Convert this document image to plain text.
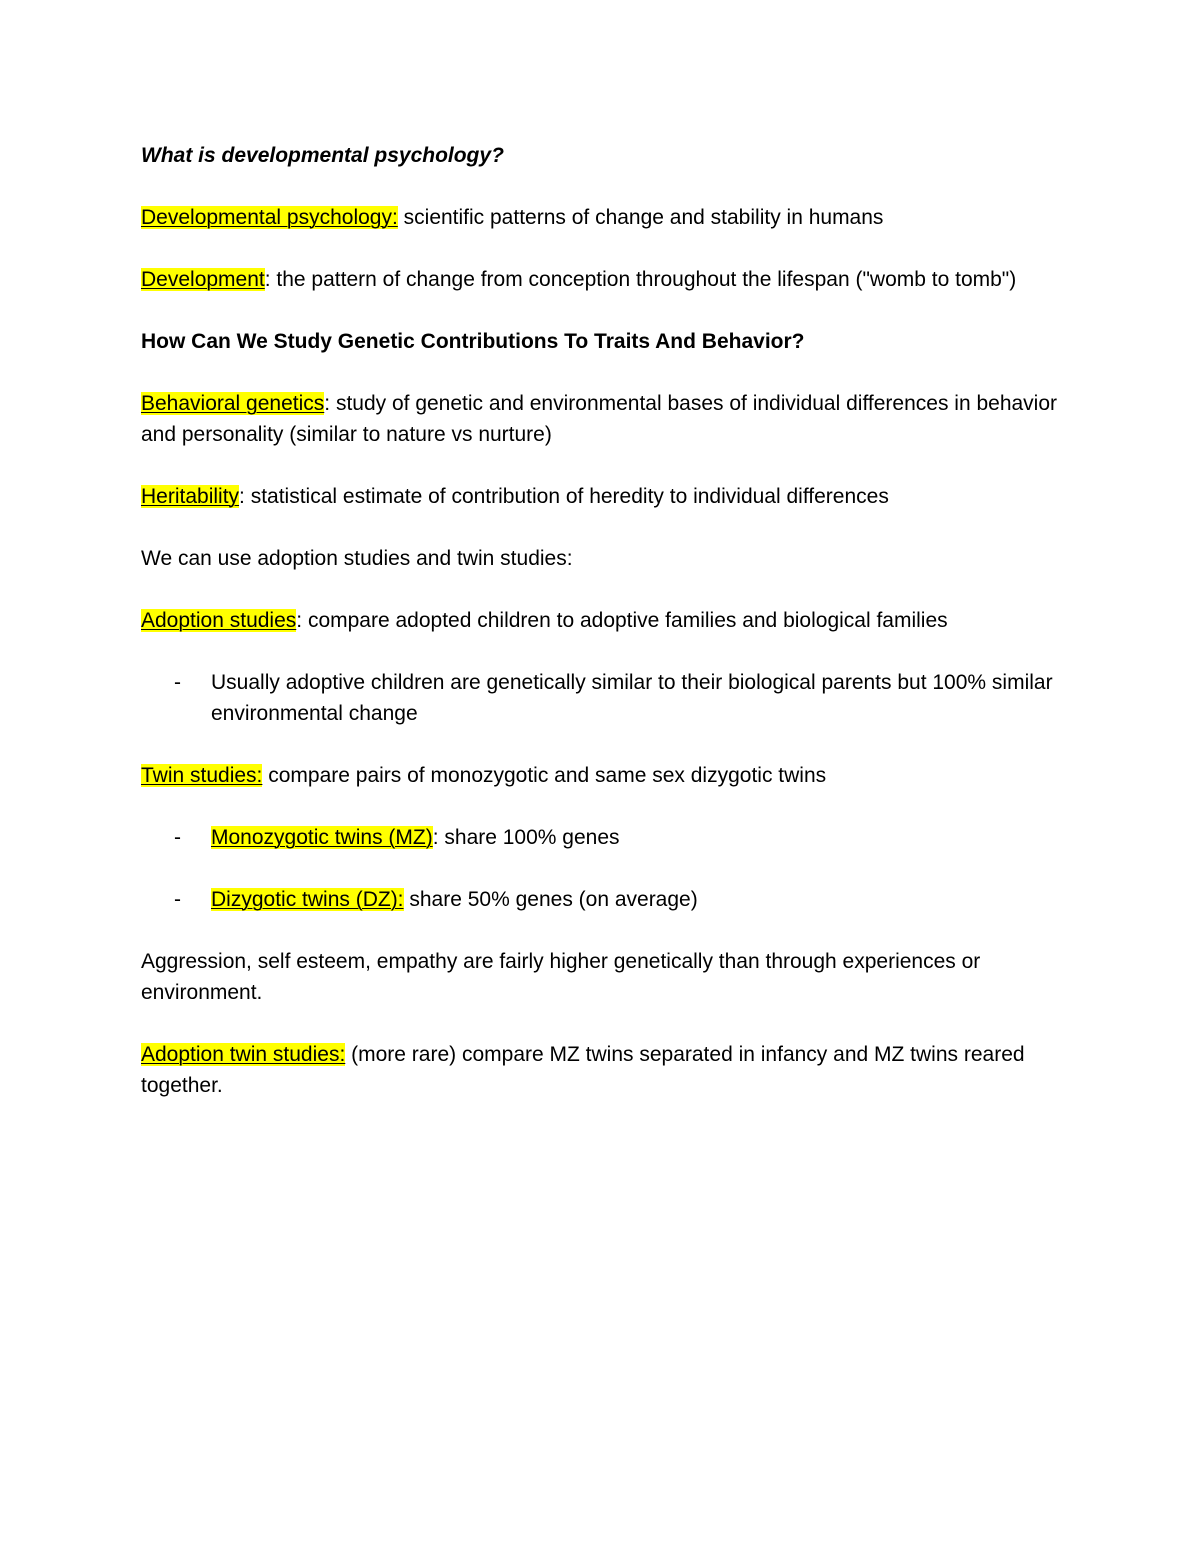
What is developmental psychology?

Developmental psychology: scientific patterns of change and stability in humans

Development: the pattern of change from conception throughout the lifespan ("womb to tomb")

How Can We Study Genetic Contributions To Traits And Behavior?

Behavioral genetics: study of genetic and environmental bases of individual differences in behavior and personality (similar to nature vs nurture)

Heritability: statistical estimate of contribution of heredity to individual differences

We can use adoption studies and twin studies:

Adoption studies: compare adopted children to adoptive families and biological families

- Usually adoptive children are genetically similar to their biological parents but 100% similar environmental change

Twin studies: compare pairs of monozygotic and same sex dizygotic twins

- Monozygotic twins (MZ): share 100% genes
- Dizygotic twins (DZ): share 50% genes (on average)

Aggression, self esteem, empathy are fairly higher genetically than through experiences or environment.

Adoption twin studies: (more rare) compare MZ twins separated in infancy and MZ twins reared together.
